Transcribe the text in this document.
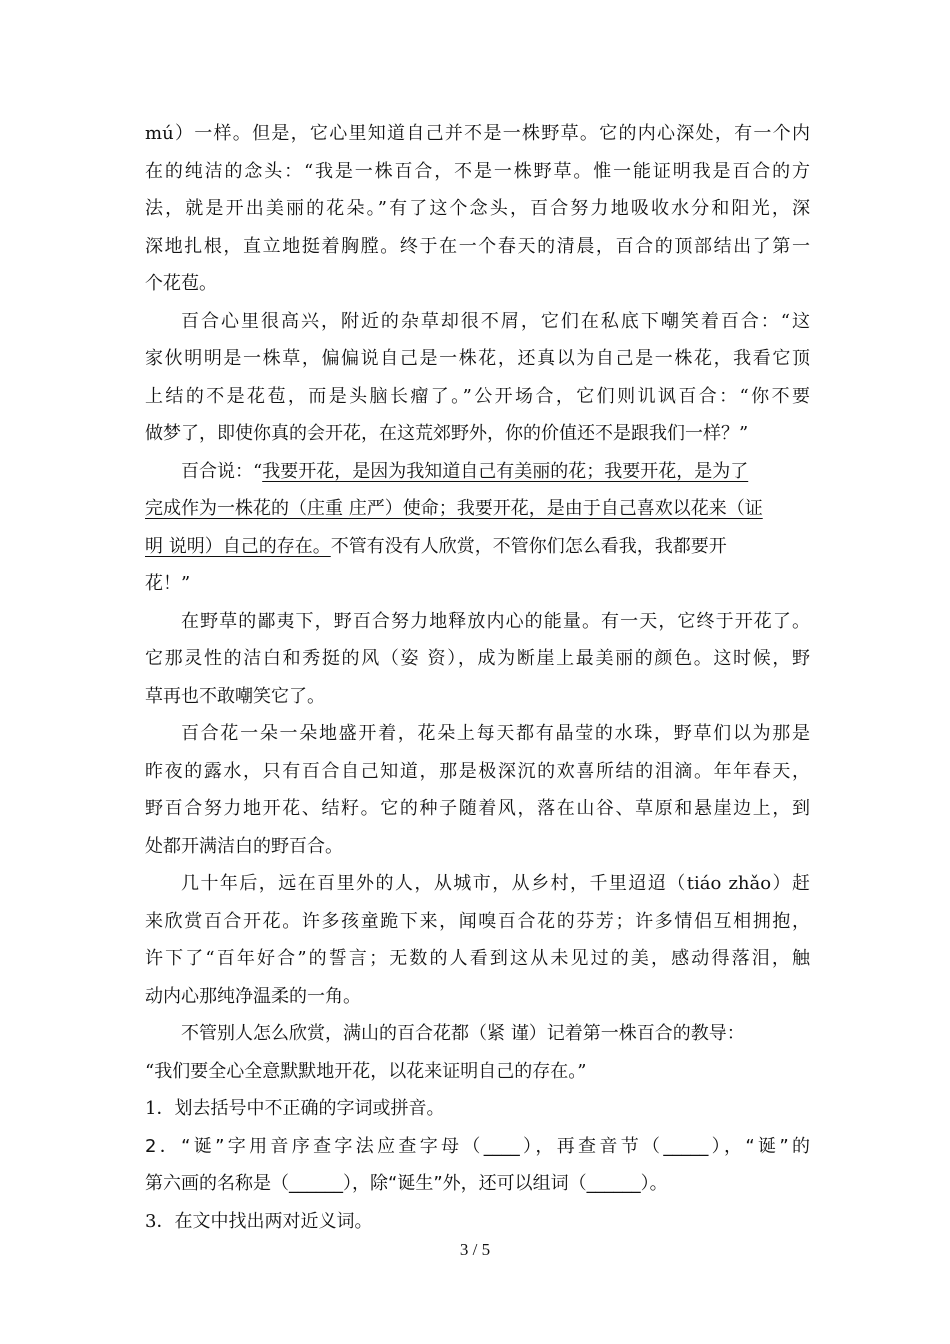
mú）一样。但是，它心里知道自己并不是一株野草。它的内心深处，有一个内
在的纯洁的念头：“我是一株百合，不是一株野草。惟一能证明我是百合的方
法，就是开出美丽的花朵。”有了这个念头，百合努力地吸收水分和阳光，深
深地扎根，直立地挺着胸膛。终于在一个春天的清晨，百合的顶部结出了第一
个花苞。
百合心里很高兴，附近的杂草却很不屑，它们在私底下嘲笑着百合：“这
家伙明明是一株草，偏偏说自己是一株花，还真以为自己是一株花，我看它顶
上结的不是花苞，而是头脑长瘤了。”公开场合，它们则讥讽百合：“你不要
做梦了，即使你真的会开花，在这荒郊野外，你的价值还不是跟我们一样？”
百合说：“我要开花，是因为我知道自己有美丽的花；我要开花，是为了
完成作为一株花的（庄重 庄严）使命；我要开花，是由于自己喜欢以花来（证
明 说明）自己的存在。不管有没有人欣赏，不管你们怎么看我，我都要开
花！”
在野草的鄙夷下，野百合努力地释放内心的能量。有一天，它终于开花了。
它那灵性的洁白和秀挺的风（姿 资），成为断崖上最美丽的颜色。这时候，野
草再也不敢嘲笑它了。
百合花一朵一朵地盛开着，花朵上每天都有晶莹的水珠，野草们以为那是
昨夜的露水，只有百合自己知道，那是极深沉的欢喜所结的泪滴。年年春天，
野百合努力地开花、结籽。它的种子随着风，落在山谷、草原和悬崖边上，到
处都开满洁白的野百合。
几十年后，远在百里外的人，从城市，从乡村，千里迢迢（tiáo zhǎo）赶
来欣赏百合开花。许多孩童跪下来，闻嗅百合花的芬芳；许多情侣互相拥抱，
许下了“百年好合”的誓言；无数的人看到这从未见过的美，感动得落泪，触
动内心那纯净温柔的一角。
不管别人怎么欣赏，满山的百合花都（紧 谨）记着第一株百合的教导：
“我们要全心全意默默地开花，以花来证明自己的存在。”
1．划去括号中不正确的字词或拼音。
2．“诞”字用音序查字法应查字母（____），再查音节（_____），“诞”的
第六画的名称是（______），除“诞生”外，还可以组词（______）。
3．在文中找出两对近义词。
3 / 5
